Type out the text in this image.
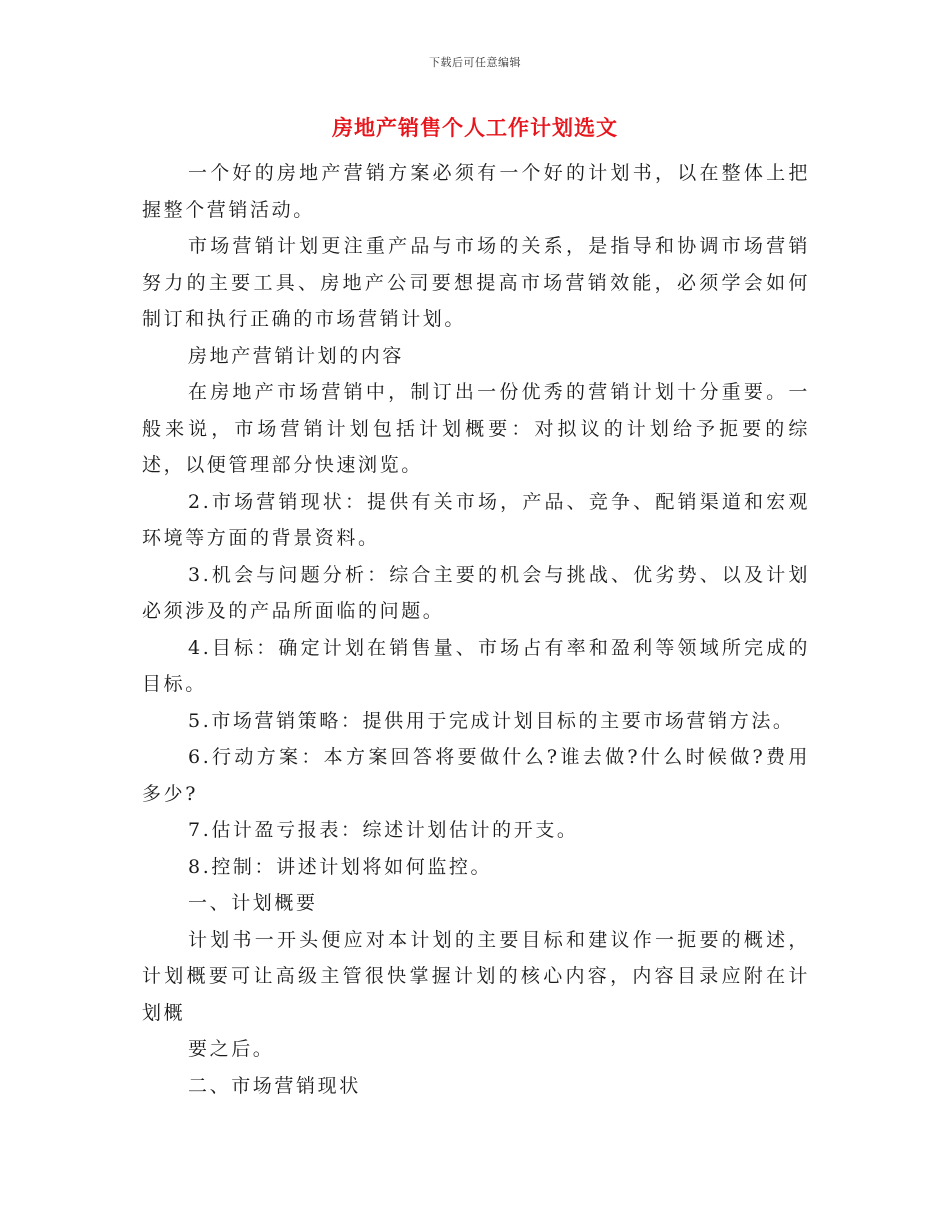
下载后可任意编辑
房地产销售个人工作计划选文

一个好的房地产营销方案必须有一个好的计划书，以在整体上把握整个营销活动。

市场营销计划更注重产品与市场的关系，是指导和协调市场营销努力的主要工具、房地产公司要想提高市场营销效能，必须学会如何制订和执行正确的市场营销计划。

房地产营销计划的内容

在房地产市场营销中，制订出一份优秀的营销计划十分重要。一般来说，市场营销计划包括计划概要：对拟议的计划给予扼要的综述，以便管理部分快速浏览。

2.市场营销现状：提供有关市场，产品、竞争、配销渠道和宏观环境等方面的背景资料。

3.机会与问题分析：综合主要的机会与挑战、优劣势、以及计划必须涉及的产品所面临的问题。

4.目标：确定计划在销售量、市场占有率和盈利等领域所完成的目标。

5.市场营销策略：提供用于完成计划目标的主要市场营销方法。

6.行动方案：本方案回答将要做什么?谁去做?什么时候做?费用多少?

7.估计盈亏报表：综述计划估计的开支。

8.控制：讲述计划将如何监控。

一、计划概要

计划书一开头便应对本计划的主要目标和建议作一扼要的概述，计划概要可让高级主管很快掌握计划的核心内容，内容目录应附在计划概

要之后。

二、市场营销现状
